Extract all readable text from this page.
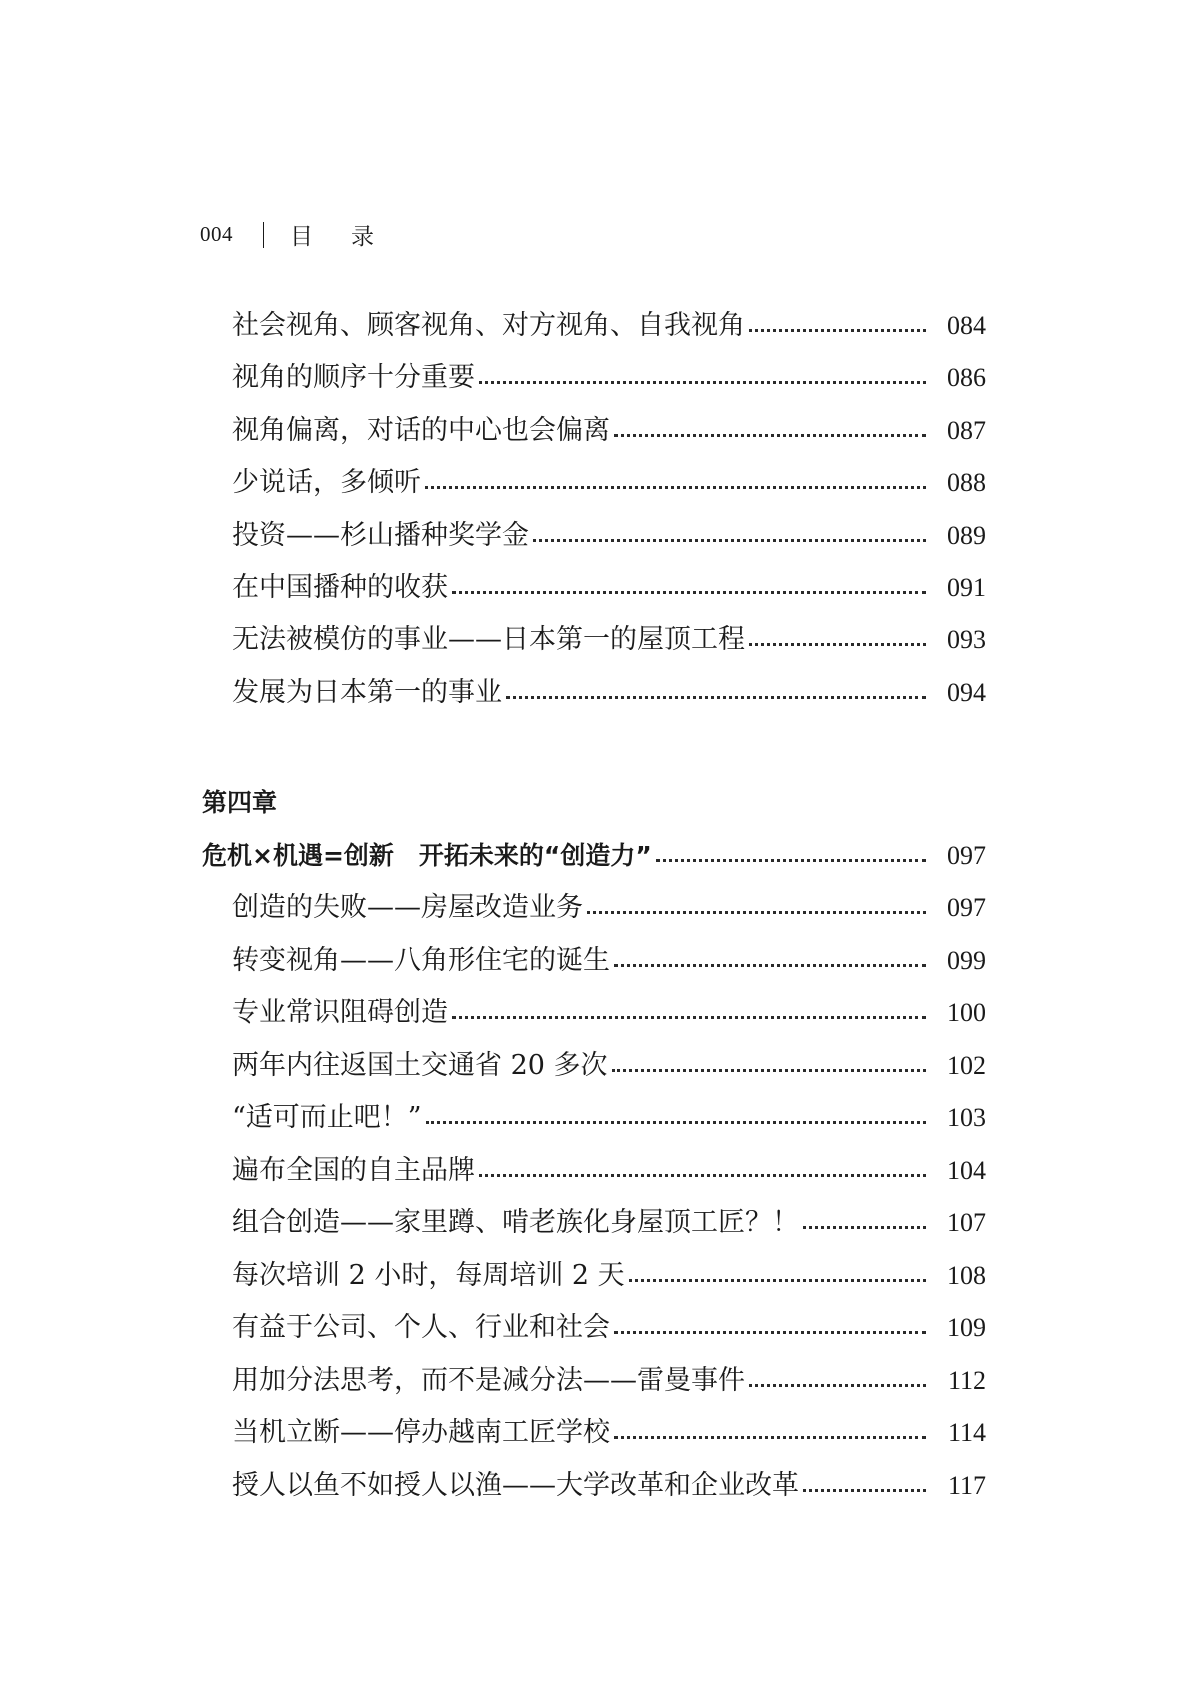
004 目录
社会视角、顾客视角、对方视角、自我视角	084
视角的顺序十分重要	086
视角偏离，对话的中心也会偏离	087
少说话，多倾听	088
投资——杉山播种奖学金	089
在中国播种的收获	091
无法被模仿的事业——日本第一的屋顶工程	093
发展为日本第一的事业	094
第四章
危机×机遇=创新　开拓未来的“创造力”	097
创造的失败——房屋改造业务	097
转变视角——八角形住宅的诞生	099
专业常识阻碍创造	100
两年内往返国土交通省 20 多次	102
“适可而止吧！”	103
遍布全国的自主品牌	104
组合创造——家里蹲、啃老族化身屋顶工匠？！	107
每次培训 2 小时，每周培训 2 天	108
有益于公司、个人、行业和社会	109
用加分法思考，而不是减分法——雷曼事件	112
当机立断——停办越南工匠学校	114
授人以鱼不如授人以渔——大学改革和企业改革	117
